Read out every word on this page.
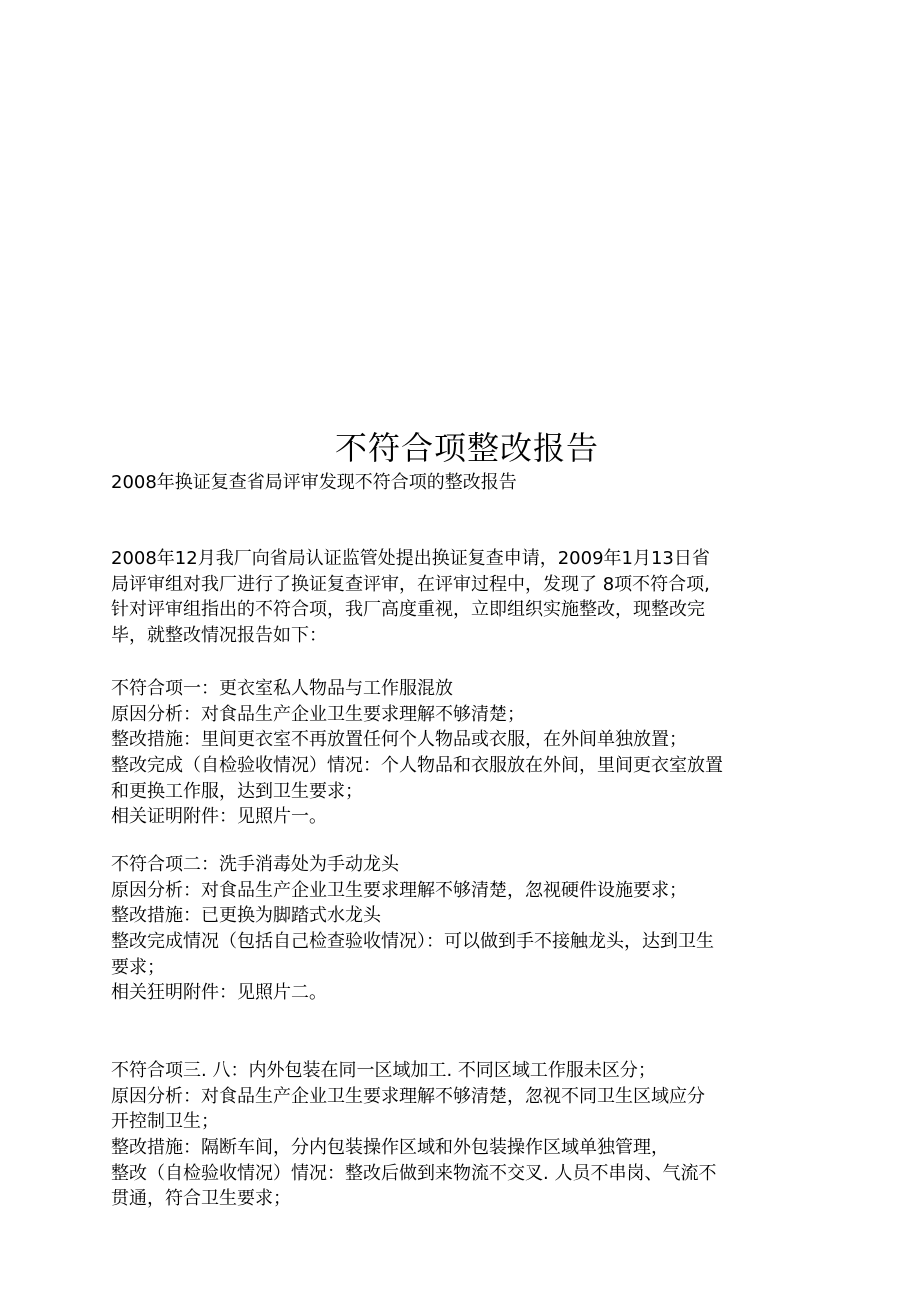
不符合项整改报告
2008年换证复查省局评审发现不符合项的整改报告
2008年12月我厂向省局认证监管处提出换证复查申请，2009年1月13日省
局评审组对我厂进行了换证复查评审，在评审过程中，发现了 8项不符合项,
针对评审组指出的不符合项，我厂高度重视，立即组织实施整改，现整改完
毕，就整改情况报告如下：
不符合项一：更衣室私人物品与工作服混放
原因分析：对食品生产企业卫生要求理解不够清楚；
整改措施：里间更衣室不再放置任何个人物品或衣服，在外间单独放置；
整改完成（自检验收情况）情况：个人物品和衣服放在外间，里间更衣室放置
和更换工作服，达到卫生要求；
相关证明附件：见照片一。
不符合项二：洗手消毒处为手动龙头
原因分析：对食品生产企业卫生要求理解不够清楚，忽视硬件设施要求；
整改措施：已更换为脚踏式水龙头
整改完成情况（包括自己检查验收情况）：可以做到手不接触龙头，达到卫生
要求；
相关狂明附件：见照片二。
不符合项三. 八：内外包装在同一区域加工. 不同区域工作服未区分；
原因分析：对食品生产企业卫生要求理解不够清楚，忽视不同卫生区域应分
开控制卫生；
整改措施：隔断车间，分内包装操作区域和外包装操作区域单独管理，
整改（自检验收情况）情况：整改后做到来物流不交叉. 人员不串岗、气流不
贯通，符合卫生要求；
